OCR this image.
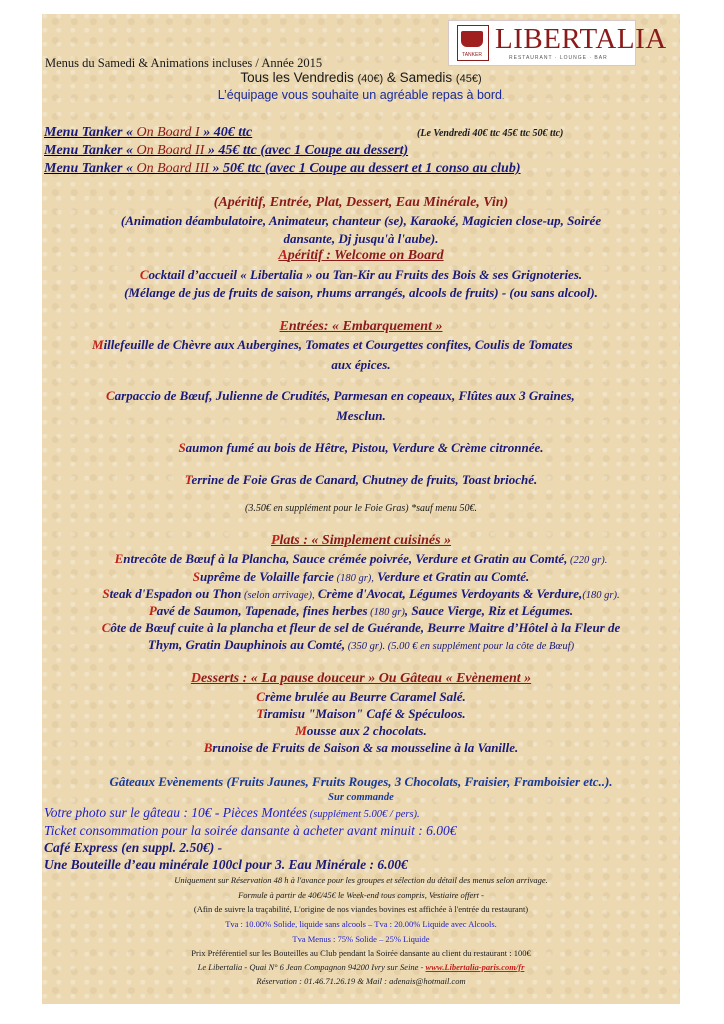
TANKER LIBERTALIA
RESTAURANT · LOUNGE · BAR
Menus du Samedi & Animations incluses / Année 2015
Tous les Vendredis (40€) & Samedis (45€)
L’équipage vous souhaite un agréable repas à bord.
Menu Tanker « On Board I » 40€ ttc	(Le Vendredi 40€ ttc 45€ ttc 50€ ttc)
Menu Tanker « On Board II » 45€ ttc (avec 1 Coupe au dessert)
Menu Tanker « On Board III » 50€ ttc (avec 1 Coupe au dessert et 1 conso au club)
(Apéritif, Entrée, Plat, Dessert, Eau Minérale, Vin)
(Animation déambulatoire, Animateur, chanteur (se), Karaoké, Magicien close-up, Soirée
dansante, Dj jusqu'à l'aube).
Apéritif : Welcome on Board
Cocktail d’accueil « Libertalia » ou Tan-Kir au Fruits des Bois & ses Grignoteries.
(Mélange de jus de fruits de saison, rhums arrangés, alcools de fruits) - (ou sans alcool).
Entrées: « Embarquement »
Millefeuille de Chèvre aux Aubergines, Tomates et Courgettes confites, Coulis de Tomates
aux épices.
Carpaccio de Bœuf, Julienne de Crudités, Parmesan en copeaux, Flûtes aux 3 Graines,
Mesclun.
Saumon fumé au bois de Hêtre, Pistou, Verdure & Crème citronnée.
Terrine de Foie Gras de Canard, Chutney de fruits, Toast brioché.
(3.50€ en supplément pour le Foie Gras) *sauf menu 50€.
Plats : « Simplement cuisinés »
Entrecôte de Bœuf à la Plancha, Sauce crémée poivrée, Verdure et Gratin au Comté, (220 gr).
Suprême de Volaille farcie (180 gr), Verdure et Gratin au Comté.
Steak d'Espadon ou Thon (selon arrivage), Crème d'Avocat, Légumes Verdoyants & Verdure,(180 gr).
Pavé de Saumon, Tapenade, fines herbes (180 gr), Sauce Vierge, Riz et Légumes.
Côte de Bœuf cuite à la plancha et fleur de sel de Guérande, Beurre Maitre d’Hôtel à la Fleur de
Thym, Gratin Dauphinois au Comté, (350 gr). (5.00 € en supplément pour la côte de Bœuf)
Desserts : « La pause douceur » Ou Gâteau « Evènement »
Crème brulée au Beurre Caramel Salé.
Tiramisu "Maison" Café & Spéculoos.
Mousse aux 2 chocolats.
Brunoise de Fruits de Saison & sa mousseline à la Vanille.
Gâteaux Evènements (Fruits Jaunes, Fruits Rouges, 3 Chocolats, Fraisier, Framboisier etc..).
Sur commande
Votre photo sur le gâteau : 10€ - Pièces Montées (supplément 5.00€ / pers).
Ticket consommation pour la soirée dansante à acheter avant minuit : 6.00€
Café Express (en suppl. 2.50€) -
Une Bouteille d’eau minérale 100cl pour 3. Eau Minérale : 6.00€
Uniquement sur Réservation 48 h à l'avance pour les groupes et sélection du détail des menus selon arrivage.
Formule à partir de 40€/45€ le Week-end tous compris, Vestiaire offert -
(Afin de suivre la traçabilité, L'origine de nos viandes bovines est affichée à l'entrée du restaurant)
Tva : 10.00% Solide, liquide sans alcools – Tva : 20.00% Liquide avec Alcools.
Tva Menus : 75% Solide – 25% Liquide
Prix Préférentiel sur les Bouteilles au Club pendant la Soirée dansante au client du restaurant : 100€
Le Libertalia - Quai N° 6 Jean Compagnon 94200 Ivry sur Seine - www.Libertalia-paris.com/fr
Réservation : 01.46.71.26.19 & Mail : adenais@hotmail.com
